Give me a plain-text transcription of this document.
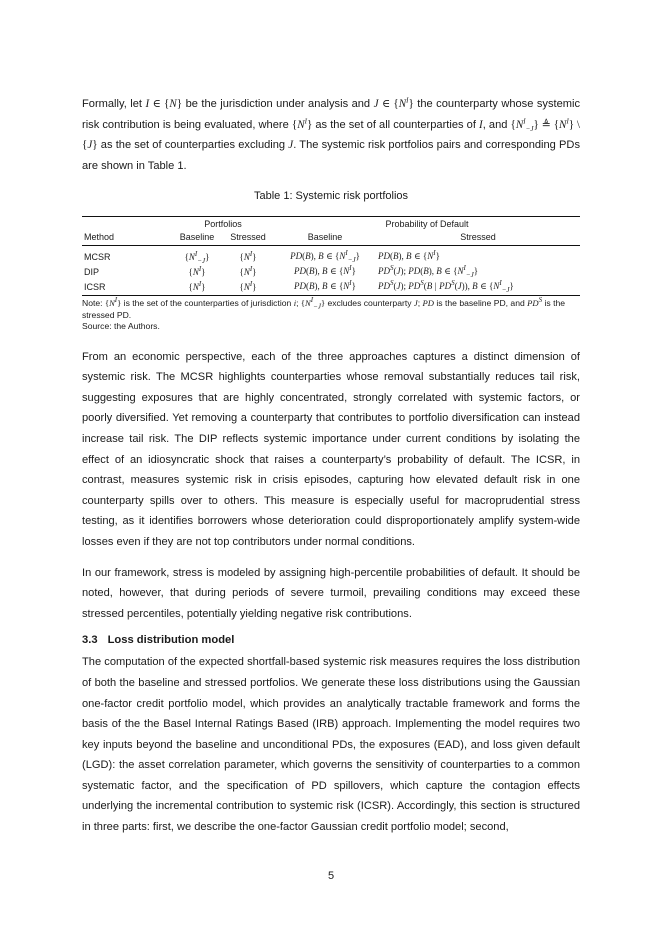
Formally, let I ∈ {N} be the jurisdiction under analysis and J ∈ $\{N^I\}$ the counterparty whose systemic risk contribution is being evaluated, where $\{N^I\}$ as the set of all counterparties of I, and $\{N^I_{-J}\}$ ≜ $\{N^I\}$ \ {J} as the set of counterparties excluding J. The systemic risk portfolios pairs and corresponding PDs are shown in Table 1.

Table 1: Systemic risk portfolios
	Portfolios		Probability of Default	
Method	Baseline	Stressed	Baseline	Stressed
MCSR	$\{N^I_{-J}\}$	$\{N^I\}$	PD(B), B ∈ $\{N^I_{-J}\}$	PD(B), B ∈ $\{N^I\}$
DIP	$\{N^I\}$	$\{N^I\}$	PD(B), B ∈ $\{N^I\}$	$PD^S(J)$; PD(B), B ∈ $\{N^I_{-J}\}$
ICSR	$\{N^I\}$	$\{N^I\}$	PD(B), B ∈ $\{N^I\}$	$PD^S(J)$; $PD^S(B$ | $PD^S(J)$), B ∈ $\{N^I_{-J}\}$
Note: $\{N^I\}$ is the set of the counterparties of jurisdiction i; $\{N^I_{-J}\}$ excludes counterparty J; PD is the baseline PD, and $PD^S$ is the stressed PD.
Source: the Authors.

From an economic perspective, each of the three approaches captures a distinct dimension of systemic risk. The MCSR highlights counterparties whose removal substantially reduces tail risk, suggesting exposures that are highly concentrated, strongly correlated with systemic factors, or poorly diversified. Yet removing a counterparty that contributes to portfolio diversification can instead increase tail risk. The DIP reflects systemic importance under current conditions by isolating the effect of an idiosyncratic shock that raises a counterparty’s probability of default. The ICSR, in contrast, measures systemic risk in crisis episodes, capturing how elevated default risk in one counterparty spills over to others. This measure is especially useful for macroprudential stress testing, as it identifies borrowers whose deterioration could disproportionately amplify system-wide losses even if they are not top contributors under normal conditions.

In our framework, stress is modeled by assigning high-percentile probabilities of default. It should be noted, however, that during periods of severe turmoil, prevailing conditions may exceed these stressed percentiles, potentially yielding negative risk contributions.

3.3 Loss distribution model

The computation of the expected shortfall-based systemic risk measures requires the loss distribution of both the baseline and stressed portfolios. We generate these loss distributions using the Gaussian one-factor credit portfolio model, which provides an analytically tractable framework and forms the basis of the the Basel Internal Ratings Based (IRB) approach. Implementing the model requires two key inputs beyond the baseline and unconditional PDs, the exposures (EAD), and loss given default (LGD): the asset correlation parameter, which governs the sensitivity of counterparties to a common systematic factor, and the specification of PD spillovers, which capture the contagion effects underlying the incremental contribution to systemic risk (ICSR). Accordingly, this section is structured in three parts: first, we describe the one-factor Gaussian credit portfolio model; second,

5
